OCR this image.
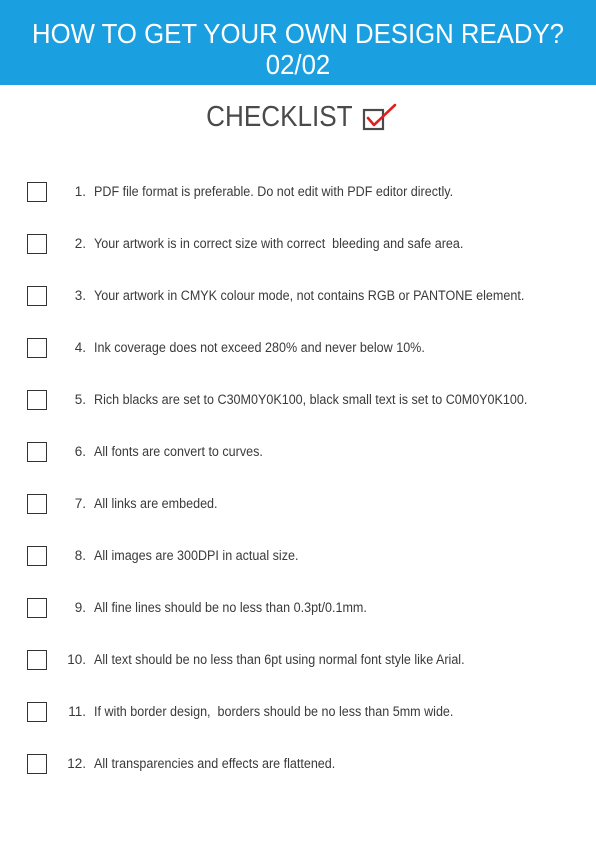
HOW TO GET YOUR OWN DESIGN READY?
02/02
CHECKLIST
1. PDF file format is preferable. Do not edit with PDF editor directly.
2. Your artwork is in correct size with correct  bleeding and safe area.
3. Your artwork in CMYK colour mode, not contains RGB or PANTONE element.
4. Ink coverage does not exceed 280% and never below 10%.
5. Rich blacks are set to C30M0Y0K100, black small text is set to C0M0Y0K100.
6. All fonts are convert to curves.
7. All links are embeded.
8. All images are 300DPI in actual size.
9. All fine lines should be no less than 0.3pt/0.1mm.
10. All text should be no less than 6pt using normal font style like Arial.
11. If with border design,  borders should be no less than 5mm wide.
12. All transparencies and effects are flattened.
